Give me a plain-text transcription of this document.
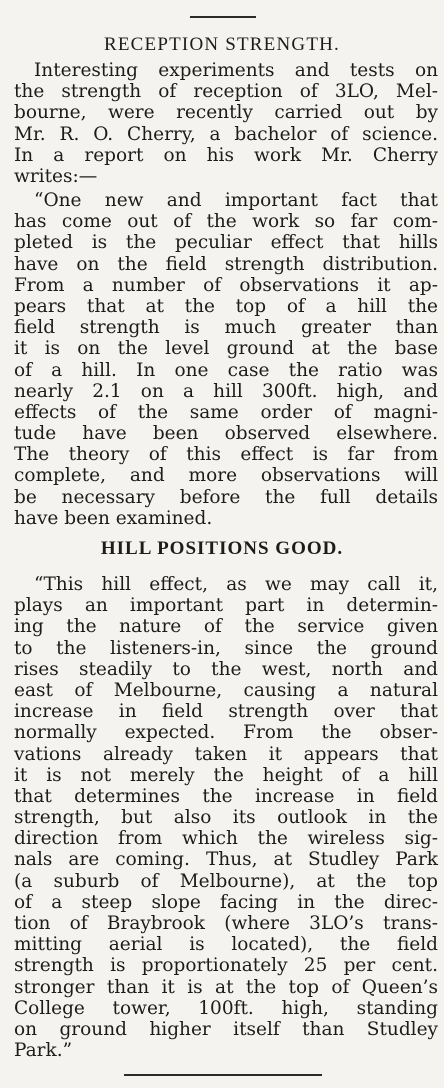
RECEPTION STRENGTH.
Interesting experiments and tests on
the strength of reception of 3LO, Mel-
bourne, were recently carried out by
Mr. R. O. Cherry, a bachelor of science.
In a report on his work Mr. Cherry
writes:—
“One new and important fact that
has come out of the work so far com-
pleted is the peculiar effect that hills
have on the field strength distribution.
From a number of observations it ap-
pears that at the top of a hill the
field strength is much greater than
it is on the level ground at the base
of a hill. In one case the ratio was
nearly 2.1 on a hill 300ft. high, and
effects of the same order of magni-
tude have been observed elsewhere.
The theory of this effect is far from
complete, and more observations will
be necessary before the full details
have been examined.
HILL POSITIONS GOOD.
“This hill effect, as we may call it,
plays an important part in determin-
ing the nature of the service given
to the listeners-in, since the ground
rises steadily to the west, north and
east of Melbourne, causing a natural
increase in field strength over that
normally expected. From the obser-
vations already taken it appears that
it is not merely the height of a hill
that determines the increase in field
strength, but also its outlook in the
direction from which the wireless sig-
nals are coming. Thus, at Studley Park
(a suburb of Melbourne), at the top
of a steep slope facing in the direc-
tion of Braybrook (where 3LO’s trans-
mitting aerial is located), the field
strength is proportionately 25 per cent.
stronger than it is at the top of Queen’s
College tower, 100ft. high, standing
on ground higher itself than Studley
Park.”
